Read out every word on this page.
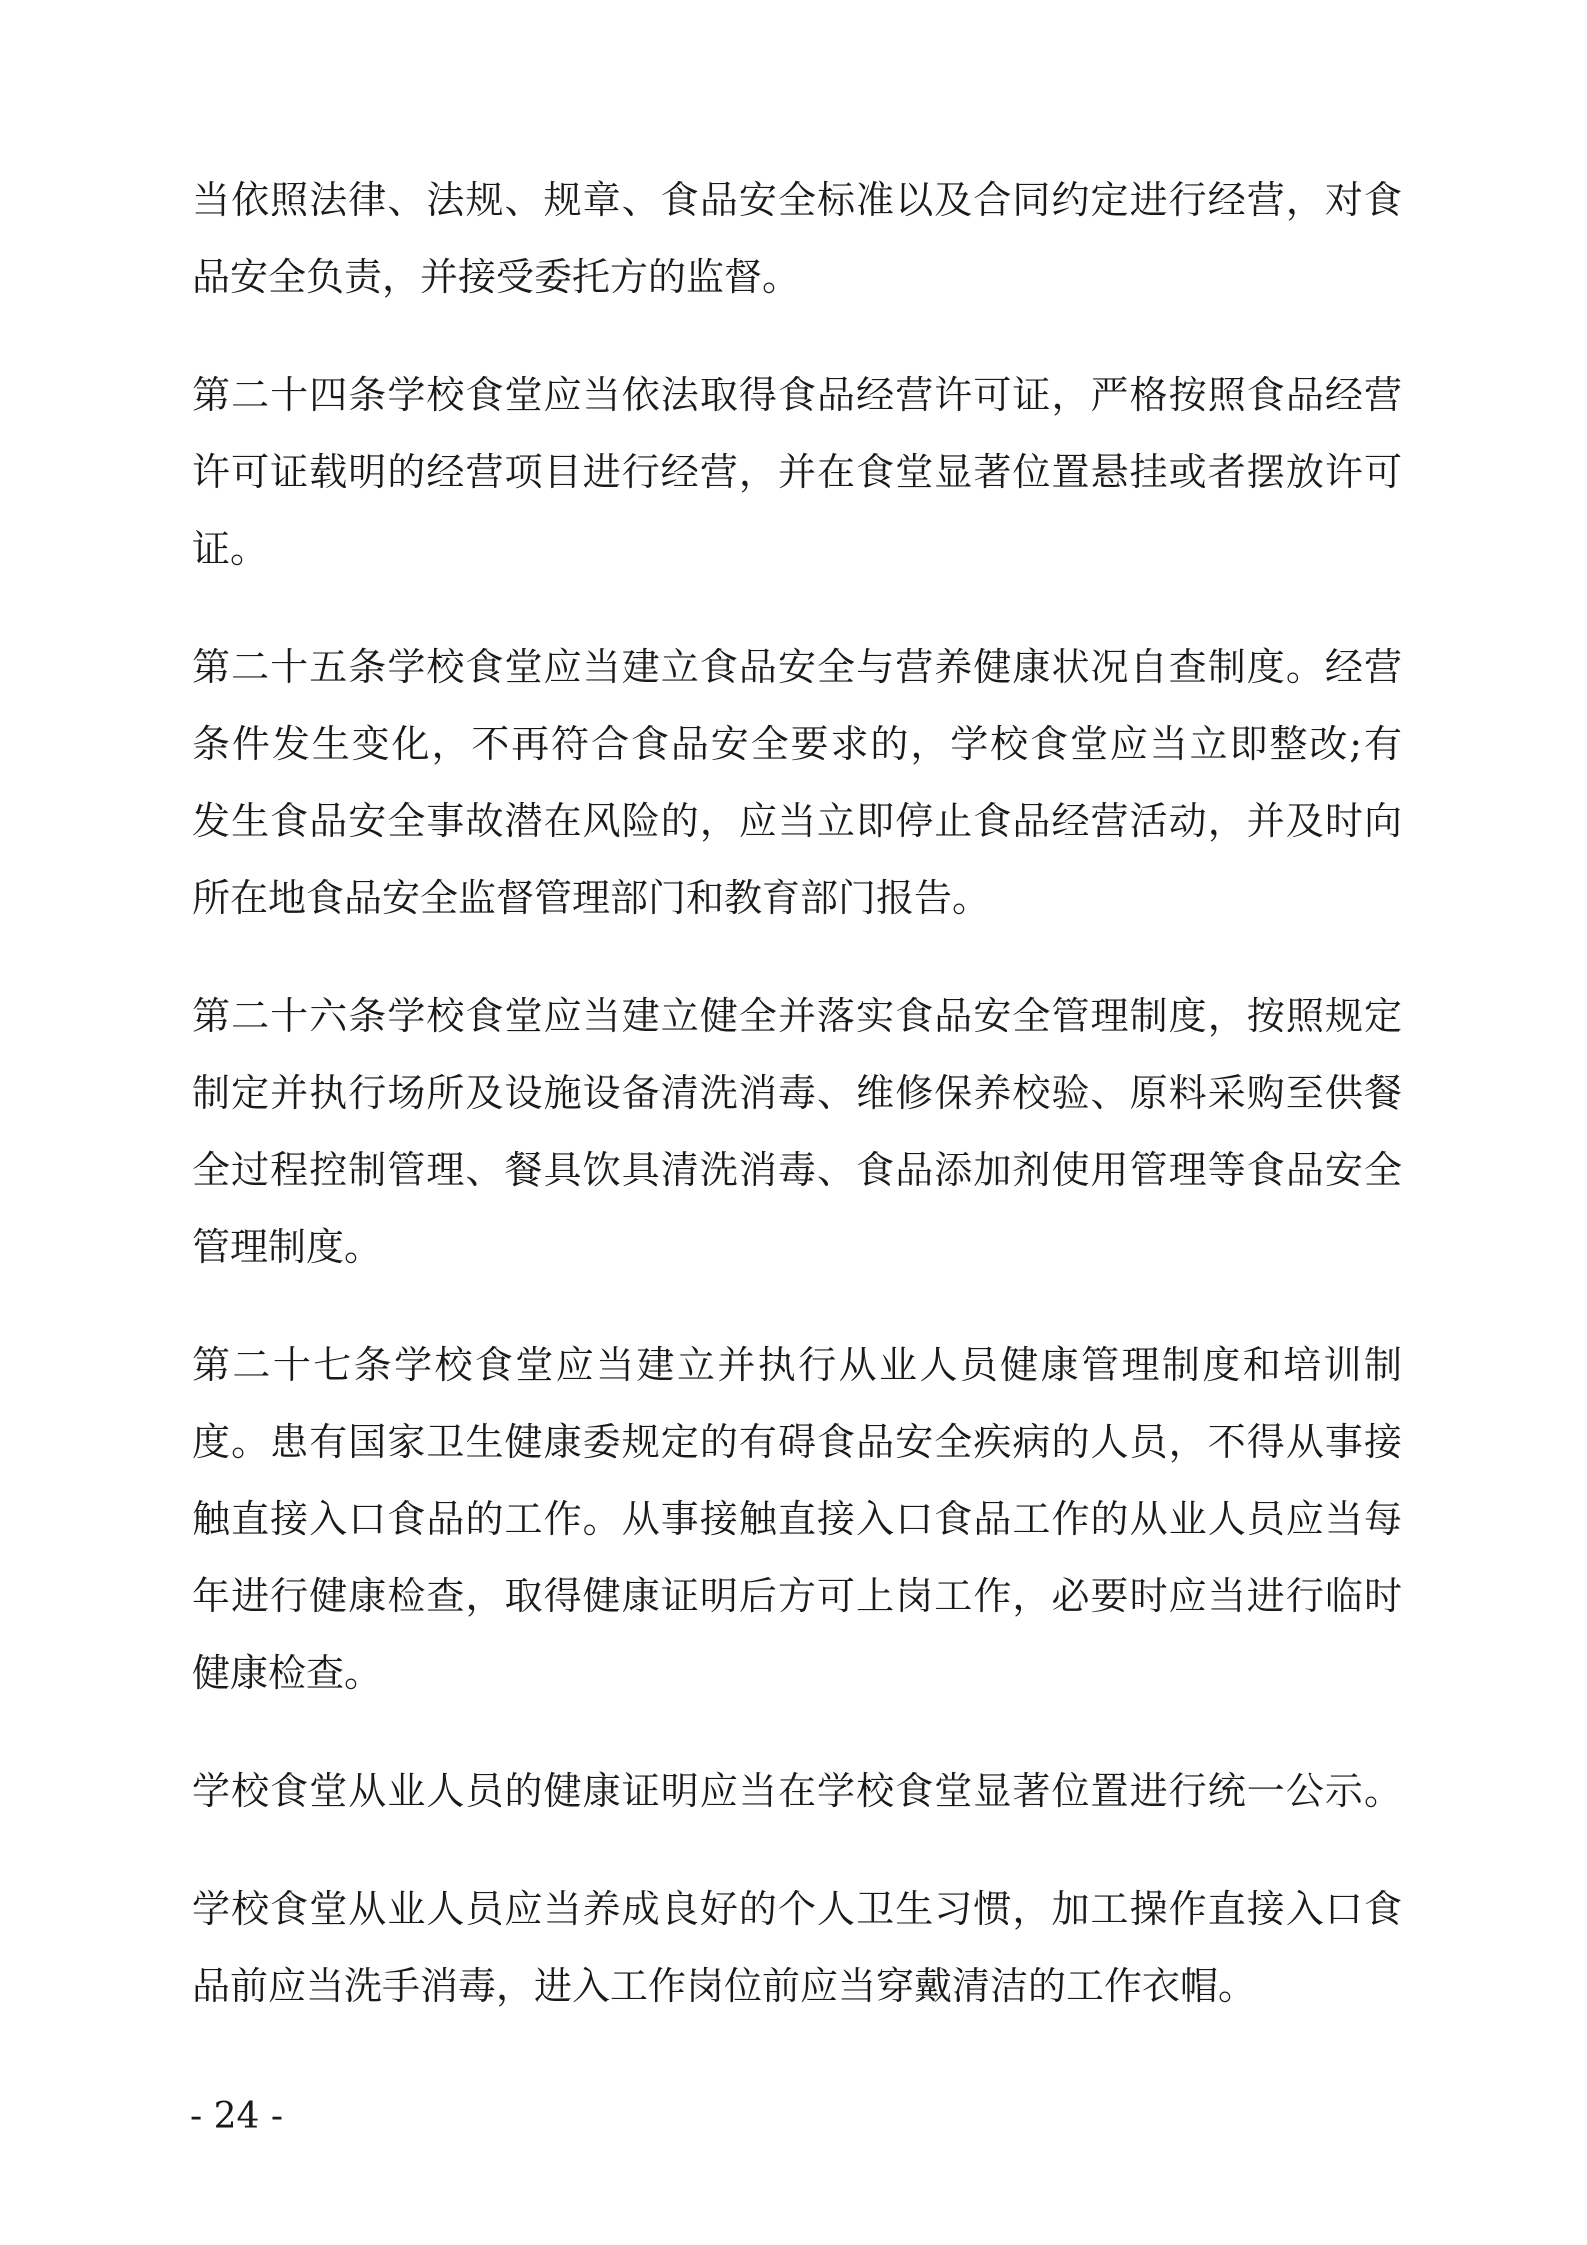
当依照法律、法规、规章、食品安全标准以及合同约定进行经营，对食
品安全负责，并接受委托方的监督。
第二十四条学校食堂应当依法取得食品经营许可证，严格按照食品经营
许可证载明的经营项目进行经营，并在食堂显著位置悬挂或者摆放许可
证。
第二十五条学校食堂应当建立食品安全与营养健康状况自查制度。经营
条件发生变化，不再符合食品安全要求的，学校食堂应当立即整改;有
发生食品安全事故潜在风险的，应当立即停止食品经营活动，并及时向
所在地食品安全监督管理部门和教育部门报告。
第二十六条学校食堂应当建立健全并落实食品安全管理制度，按照规定
制定并执行场所及设施设备清洗消毒、维修保养校验、原料采购至供餐
全过程控制管理、餐具饮具清洗消毒、食品添加剂使用管理等食品安全
管理制度。
第二十七条学校食堂应当建立并执行从业人员健康管理制度和培训制
度。患有国家卫生健康委规定的有碍食品安全疾病的人员，不得从事接
触直接入口食品的工作。从事接触直接入口食品工作的从业人员应当每
年进行健康检查，取得健康证明后方可上岗工作，必要时应当进行临时
健康检查。
学校食堂从业人员的健康证明应当在学校食堂显著位置进行统一公示。
学校食堂从业人员应当养成良好的个人卫生习惯，加工操作直接入口食
品前应当洗手消毒，进入工作岗位前应当穿戴清洁的工作衣帽。
- 24 -
